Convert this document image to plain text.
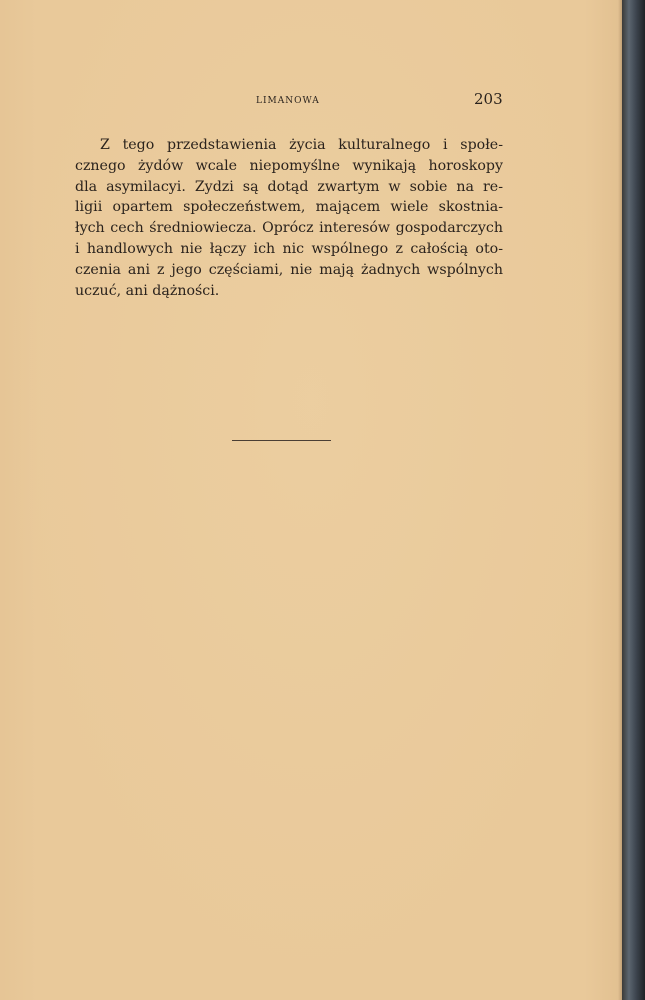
LIMANOWA	203
Z tego przedstawienia życia kulturalnego i społe-
cznego żydów wcale niepomyślne wynikają horoskopy
dla asymilacyi. Zydzi są dotąd zwartym w sobie na re-
ligii opartem społeczeństwem, mającem wiele skostnia-
łych cech średniowiecza. Oprócz interesów gospodarczych
i handlowych nie łączy ich nic wspólnego z całością oto-
czenia ani z jego częściami, nie mają żadnych wspólnych
uczuć, ani dążności.
